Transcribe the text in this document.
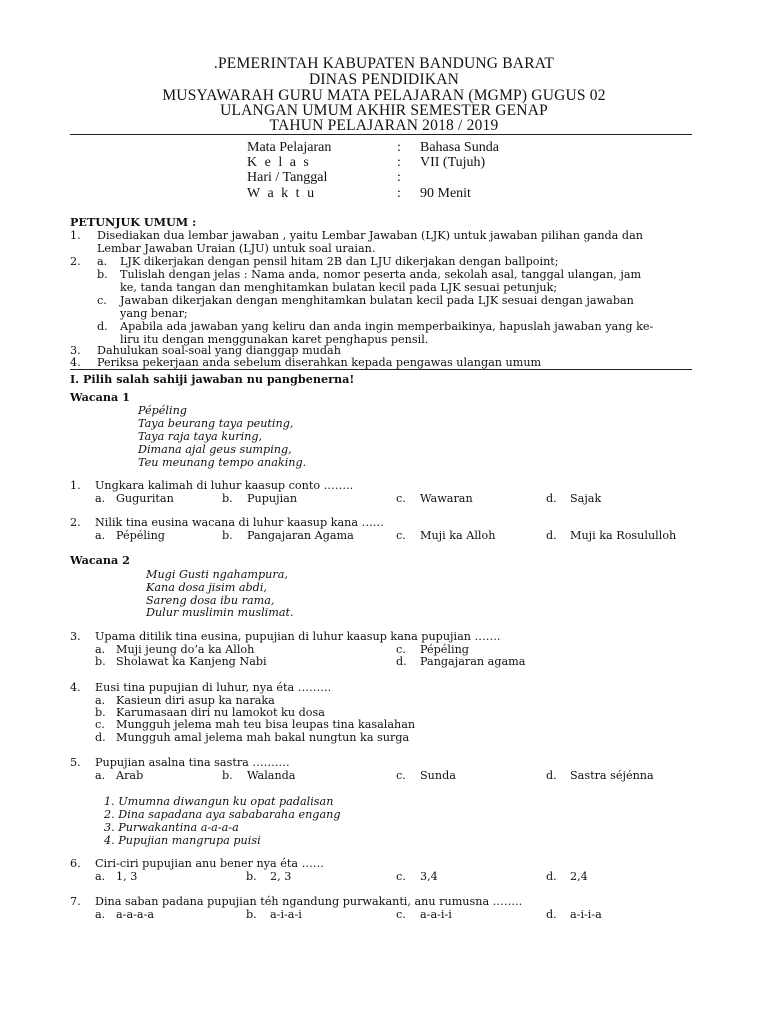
.PEMERINTAH KABUPATEN BANDUNG BARAT
DINAS PENDIDIKAN
MUSYAWARAH GURU MATA PELAJARAN (MGMP) GUGUS 02
ULANGAN UMUM AKHIR SEMESTER GENAP
TAHUN PELAJARAN 2018 / 2019
Mata Pelajaran	: Bahasa Sunda
K e l a s	: VII (Tujuh)
Hari / Tanggal	:
W a k t u	: 90 Menit
PETUNJUK UMUM :
1. Disediakan dua lembar jawaban , yaitu Lembar Jawaban (LJK) untuk jawaban pilihan ganda dan
Lembar Jawaban Uraian (LJU) untuk soal uraian.
2. a. LJK dikerjakan dengan pensil hitam 2B dan LJU dikerjakan dengan ballpoint;
b. Tulislah dengan jelas : Nama anda, nomor peserta anda, sekolah asal, tanggal ulangan, jam
ke, tanda tangan dan menghitamkan bulatan kecil pada LJK sesuai petunjuk;
c. Jawaban dikerjakan dengan menghitamkan bulatan kecil pada LJK sesuai dengan jawaban
yang benar;
d. Apabila ada jawaban yang keliru dan anda ingin memperbaikinya, hapuslah jawaban yang ke-
liru itu dengan menggunakan karet penghapus pensil.
3. Dahulukan soal-soal yang dianggap mudah
4. Periksa pekerjaan anda sebelum diserahkan kepada pengawas ulangan umum
I. Pilih salah sahiji jawaban nu pangbenerna!
Wacana 1
Pépéling
Taya beurang taya peuting,
Taya raja taya kuring,
Dimana ajal geus sumping,
Teu meunang tempo anaking.
1. Ungkara kalimah di luhur kaasup conto ……..
a. Guguritan	b. Pupujian	c. Wawaran	d. Sajak
2. Nilik tina eusina wacana di luhur kaasup kana ……
a. Pépéling	b. Pangajaran Agama	c. Muji ka Alloh	d. Muji ka Rosululloh
Wacana 2
Mugi Gusti ngahampura,
Kana dosa jisim abdi,
Sareng dosa ibu rama,
Dulur muslimin muslimat.
3. Upama ditilik tina eusina, pupujian di luhur kaasup kana pupujian …….
a. Muji jeung do’a ka Alloh
b. Sholawat ka Kanjeng Nabi
c. Pépéling
d. Pangajaran agama
4. Eusi tina pupujian di luhur, nya éta ………
a. Kasieun diri asup ka naraka
b. Karumasaan diri nu lamokot ku dosa
c. Mungguh jelema mah teu bisa leupas tina kasalahan
d. Mungguh amal jelema mah bakal nungtun ka surga
5. Pupujian asalna tina sastra ……….
a. Arab	b. Walanda	c. Sunda	d. Sastra séjénna
1. Umumna diwangun ku opat padalisan
2. Dina sapadana aya sababaraha engang
3. Purwakantina a-a-a-a
4. Pupujian mangrupa puisi
6. Ciri-ciri pupujian anu bener nya éta ……
a. 1, 3	b. 2, 3	c. 3,4	d. 2,4
7. Dina saban padana pupujian téh ngandung purwakanti, anu rumusna ……..
a. a-a-a-a	b. a-i-a-i	c. a-a-i-i	d. a-i-i-a
